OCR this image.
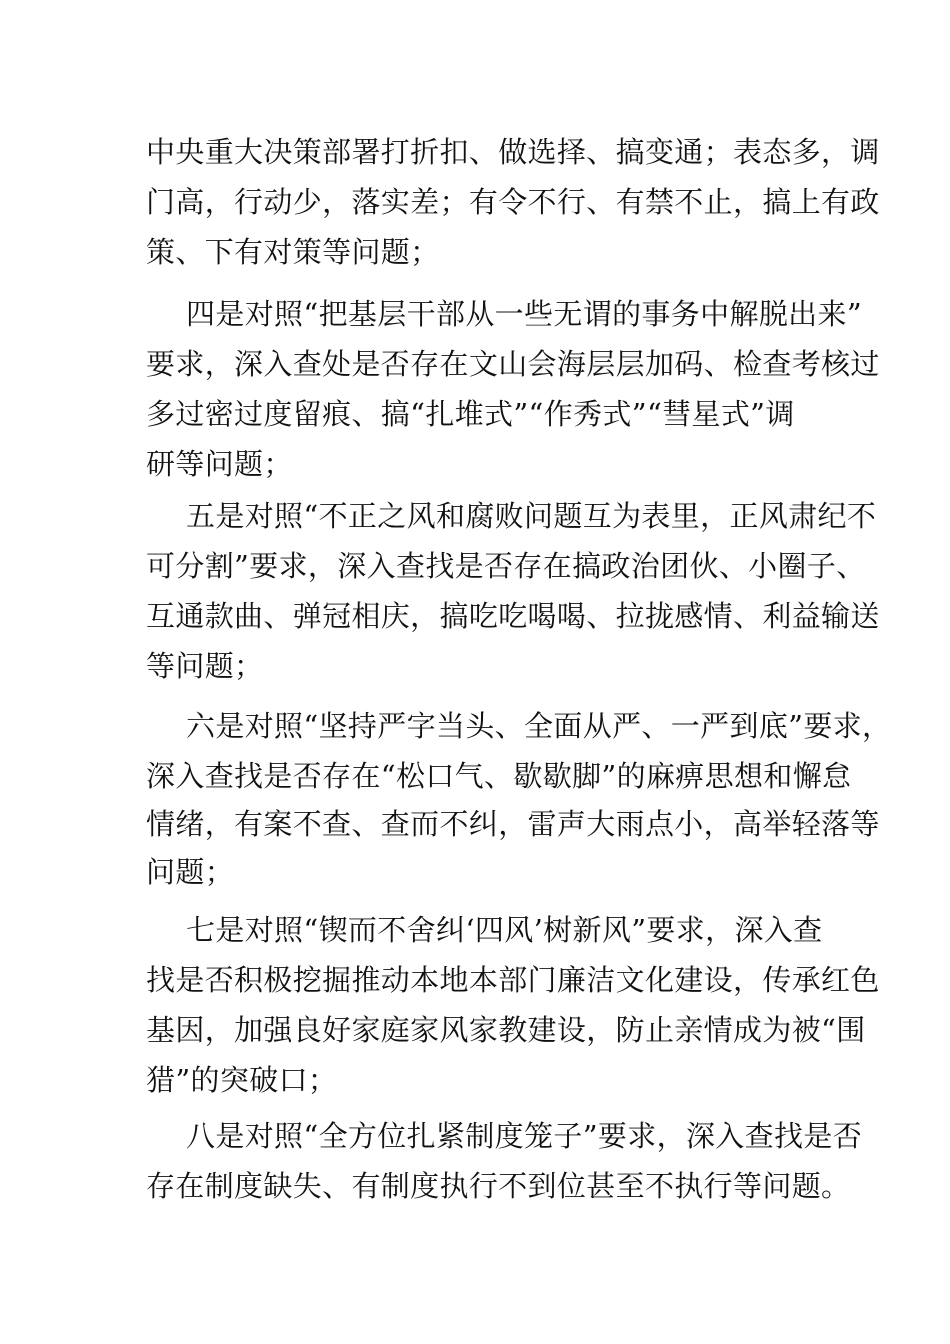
中央重大决策部署打折扣、做选择、搞变通；表态多，调
门高，行动少，落实差；有令不行、有禁不止，搞上有政
策、下有对策等问题；
四是对照“把基层干部从一些无谓的事务中解脱出来”
要求，深入查处是否存在文山会海层层加码、检查考核过
多过密过度留痕、搞“扎堆式”“作秀式”“彗星式”调
研等问题；
五是对照“不正之风和腐败问题互为表里，正风肃纪不
可分割”要求，深入查找是否存在搞政治团伙、小圈子、
互通款曲、弹冠相庆，搞吃吃喝喝、拉拢感情、利益输送
等问题；
六是对照“坚持严字当头、全面从严、一严到底”要求，
深入查找是否存在“松口气、歇歇脚”的麻痹思想和懈怠
情绪，有案不查、查而不纠，雷声大雨点小，高举轻落等
问题；
七是对照“锲而不舍纠‘四风’树新风”要求，深入查
找是否积极挖掘推动本地本部门廉洁文化建设，传承红色
基因，加强良好家庭家风家教建设，防止亲情成为被“围
猎”的突破口；
八是对照“全方位扎紧制度笼子”要求，深入查找是否
存在制度缺失、有制度执行不到位甚至不执行等问题。
